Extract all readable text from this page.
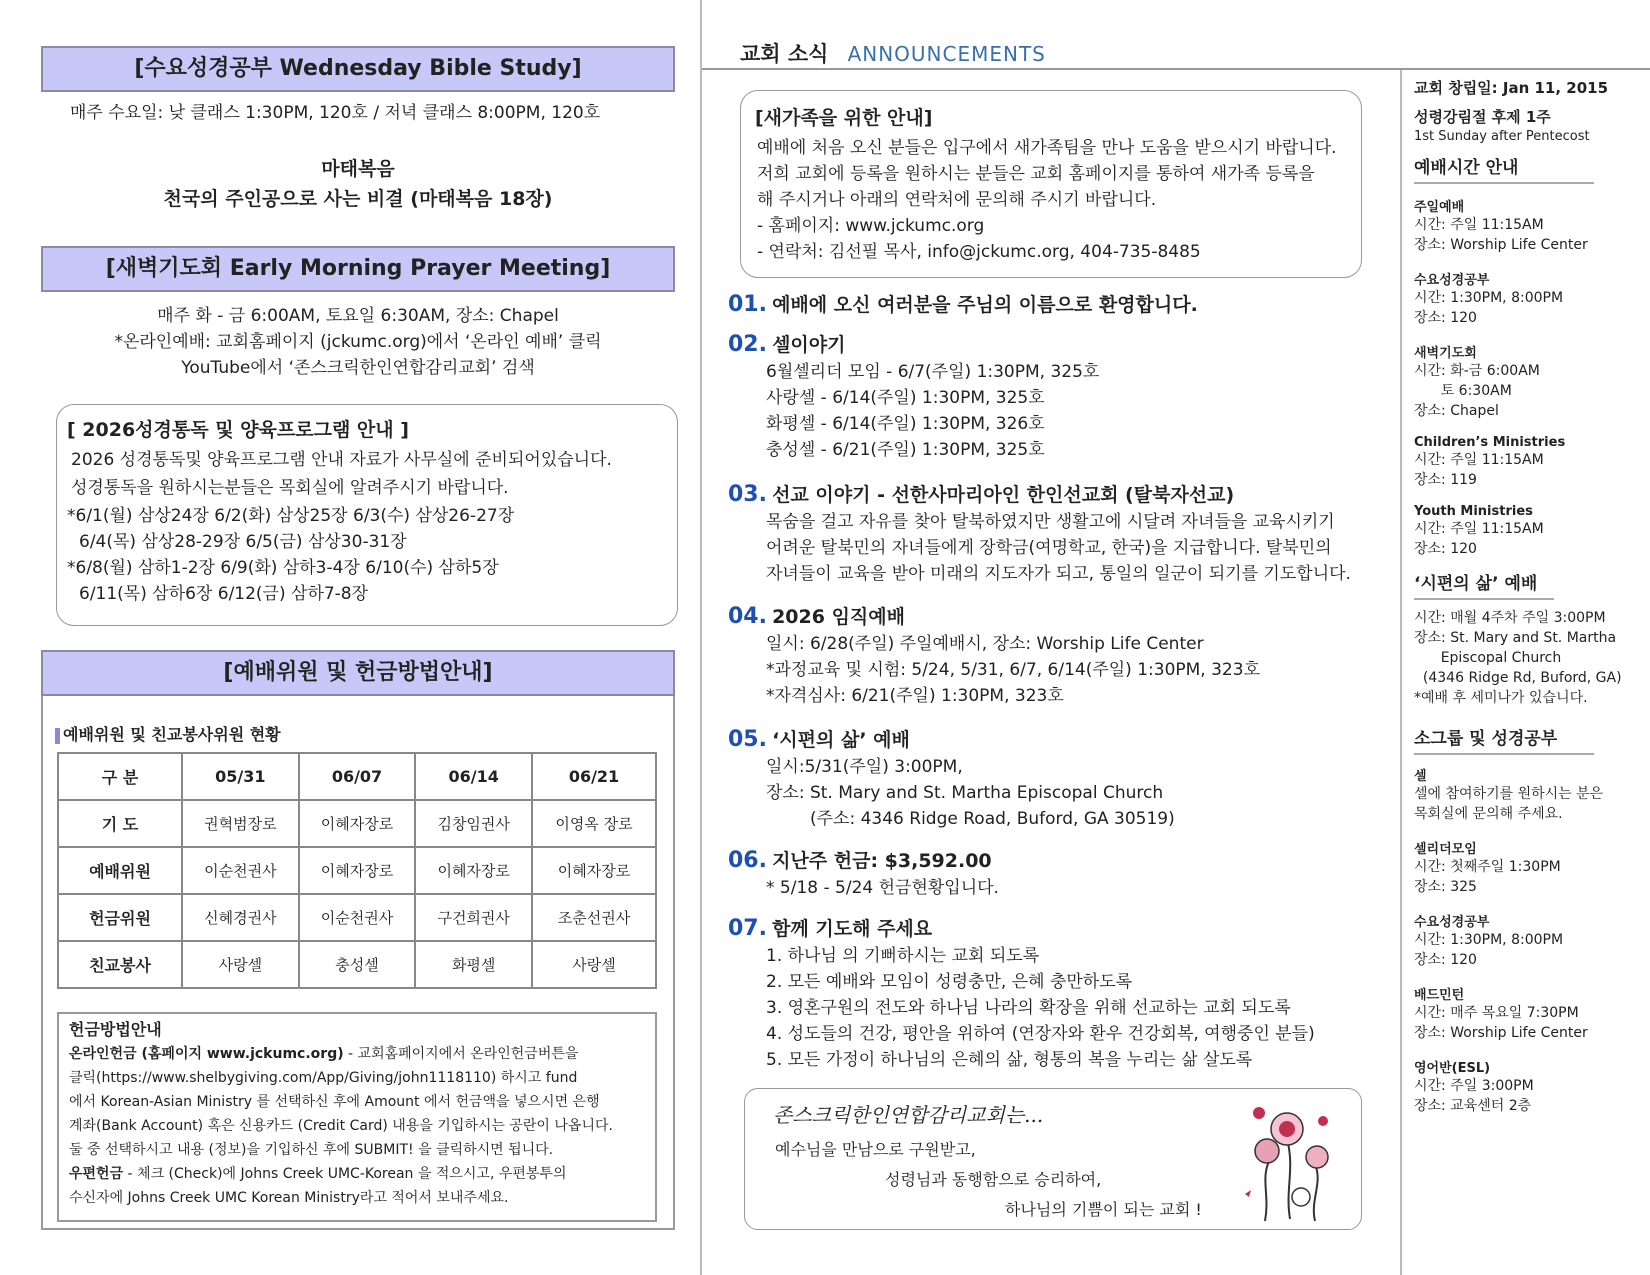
[수요성경공부 Wednesday Bible Study]
매주 수요일: 낮 클래스 1:30PM, 120호 / 저녁 클래스 8:00PM, 120호
마태복음
천국의 주인공으로 사는 비결 (마태복음 18장)
[새벽기도회 Early Morning Prayer Meeting]
매주 화 - 금 6:00AM, 토요일 6:30AM, 장소: Chapel
*온라인예배: 교회홈페이지 (jckumc.org)에서 ‘온라인 예배’ 클릭
YouTube에서 ‘존스크릭한인연합감리교회’ 검색
[ 2026성경통독 및 양육프로그램 안내 ]
2026 성경통독및 양육프로그램 안내 자료가 사무실에 준비되어있습니다.
성경통독을 원하시는분들은 목회실에 알려주시기 바랍니다.
*6/1(월) 삼상24장 6/2(화) 삼상25장 6/3(수) 삼상26-27장
6/4(목) 삼상28-29장 6/5(금) 삼상30-31장
*6/8(월) 삼하1-2장 6/9(화) 삼하3-4장 6/10(수) 삼하5장
6/11(목) 삼하6장 6/12(금) 삼하7-8장
[예배위원 및 헌금방법안내]
예배위원 및 친교봉사위원 현황
구 분	05/31	06/07	06/14	06/21
기 도	권혁범장로	이혜자장로	김창임권사	이영옥 장로
예배위원	이순천권사	이혜자장로	이혜자장로	이혜자장로
헌금위원	신혜경권사	이순천권사	구건희권사	조춘선권사
친교봉사	사랑셀	충성셀	화평셀	사랑셀
헌금방법안내
온라인헌금 (홈페이지 www.jckumc.org) - 교회홈페이지에서 온라인헌금버튼을
클릭(https://www.shelbygiving.com/App/Giving/john1118110) 하시고 fund
에서 Korean-Asian Ministry 를 선택하신 후에 Amount 에서 헌금액을 넣으시면 은행
계좌(Bank Account) 혹은 신용카드 (Credit Card) 내용을 기입하시는 공란이 나옵니다.
둘 중 선택하시고 내용 (정보)을 기입하신 후에 SUBMIT! 을 클릭하시면 됩니다.
우편헌금 - 체크 (Check)에 Johns Creek UMC-Korean 을 적으시고, 우편봉투의
수신자에 Johns Creek UMC Korean Ministry라고 적어서 보내주세요.
교회 소식 ANNOUNCEMENTS
[새가족을 위한 안내]
예배에 처음 오신 분들은 입구에서 새가족팀을 만나 도움을 받으시기 바랍니다.
저희 교회에 등록을 원하시는 분들은 교회 홈페이지를 통하여 새가족 등록을
해 주시거나 아래의 연락처에 문의해 주시기 바랍니다.
- 홈페이지: www.jckumc.org
- 연락처: 김선필 목사, info@jckumc.org, 404-735-8485
01. 예배에 오신 여러분을 주님의 이름으로 환영합니다.
02. 셀이야기
6월셀리더 모임 - 6/7(주일) 1:30PM, 325호
사랑셀 - 6/14(주일) 1:30PM, 325호
화평셀 - 6/14(주일) 1:30PM, 326호
충성셀 - 6/21(주일) 1:30PM, 325호
03. 선교 이야기 - 선한사마리아인 한인선교회 (탈북자선교)
목숨을 걸고 자유를 찾아 탈북하였지만 생활고에 시달려 자녀들을 교육시키기
어려운 탈북민의 자녀들에게 장학금(여명학교, 한국)을 지급합니다. 탈북민의
자녀들이 교육을 받아 미래의 지도자가 되고, 통일의 일군이 되기를 기도합니다.
04. 2026 임직예배
일시: 6/28(주일) 주일예배시, 장소: Worship Life Center
*과정교육 및 시험: 5/24, 5/31, 6/7, 6/14(주일) 1:30PM, 323호
*자격심사: 6/21(주일) 1:30PM, 323호
05. ‘시편의 삶’ 예배
일시:5/31(주일) 3:00PM,
장소: St. Mary and St. Martha Episcopal Church
(주소: 4346 Ridge Road, Buford, GA 30519)
06. 지난주 헌금: $3,592.00
* 5/18 - 5/24 헌금현황입니다.
07. 함께 기도해 주세요
1. 하나님 의 기뻐하시는 교회 되도록
2. 모든 예배와 모임이 성령충만, 은혜 충만하도록
3. 영혼구원의 전도와 하나님 나라의 확장을 위해 선교하는 교회 되도록
4. 성도들의 건강, 평안을 위하여 (연장자와 환우 건강회복, 여행중인 분들)
5. 모든 가정이 하나님의 은혜의 삶, 형통의 복을 누리는 삶 살도록
존스크릭한인연합감리교회는...
예수님을 만남으로 구원받고,
성령님과 동행함으로 승리하여,
하나님의 기쁨이 되는 교회 !
교회 창립일: Jan 11, 2015
성령강림절 후제 1주
1st Sunday after Pentecost
예배시간 안내
주일예배
시간: 주일 11:15AM
장소: Worship Life Center
수요성경공부
시간: 1:30PM, 8:00PM
장소: 120
새벽기도회
시간: 화-금 6:00AM
토 6:30AM
장소: Chapel
Children’s Ministries
시간: 주일 11:15AM
장소: 119
Youth Ministries
시간: 주일 11:15AM
장소: 120
‘시편의 삶’ 예배
시간: 매월 4주차 주일 3:00PM
장소: St. Mary and St. Martha
Episcopal Church
(4346 Ridge Rd, Buford, GA)
*예배 후 세미나가 있습니다.
소그룹 및 성경공부
셀
셀에 참여하기를 원하시는 분은
목회실에 문의해 주세요.
셀리더모임
시간: 첫째주일 1:30PM
장소: 325
수요성경공부
시간: 1:30PM, 8:00PM
장소: 120
배드민턴
시간: 매주 목요일 7:30PM
장소: Worship Life Center
영어반(ESL)
시간: 주일 3:00PM
장소: 교육센터 2층
